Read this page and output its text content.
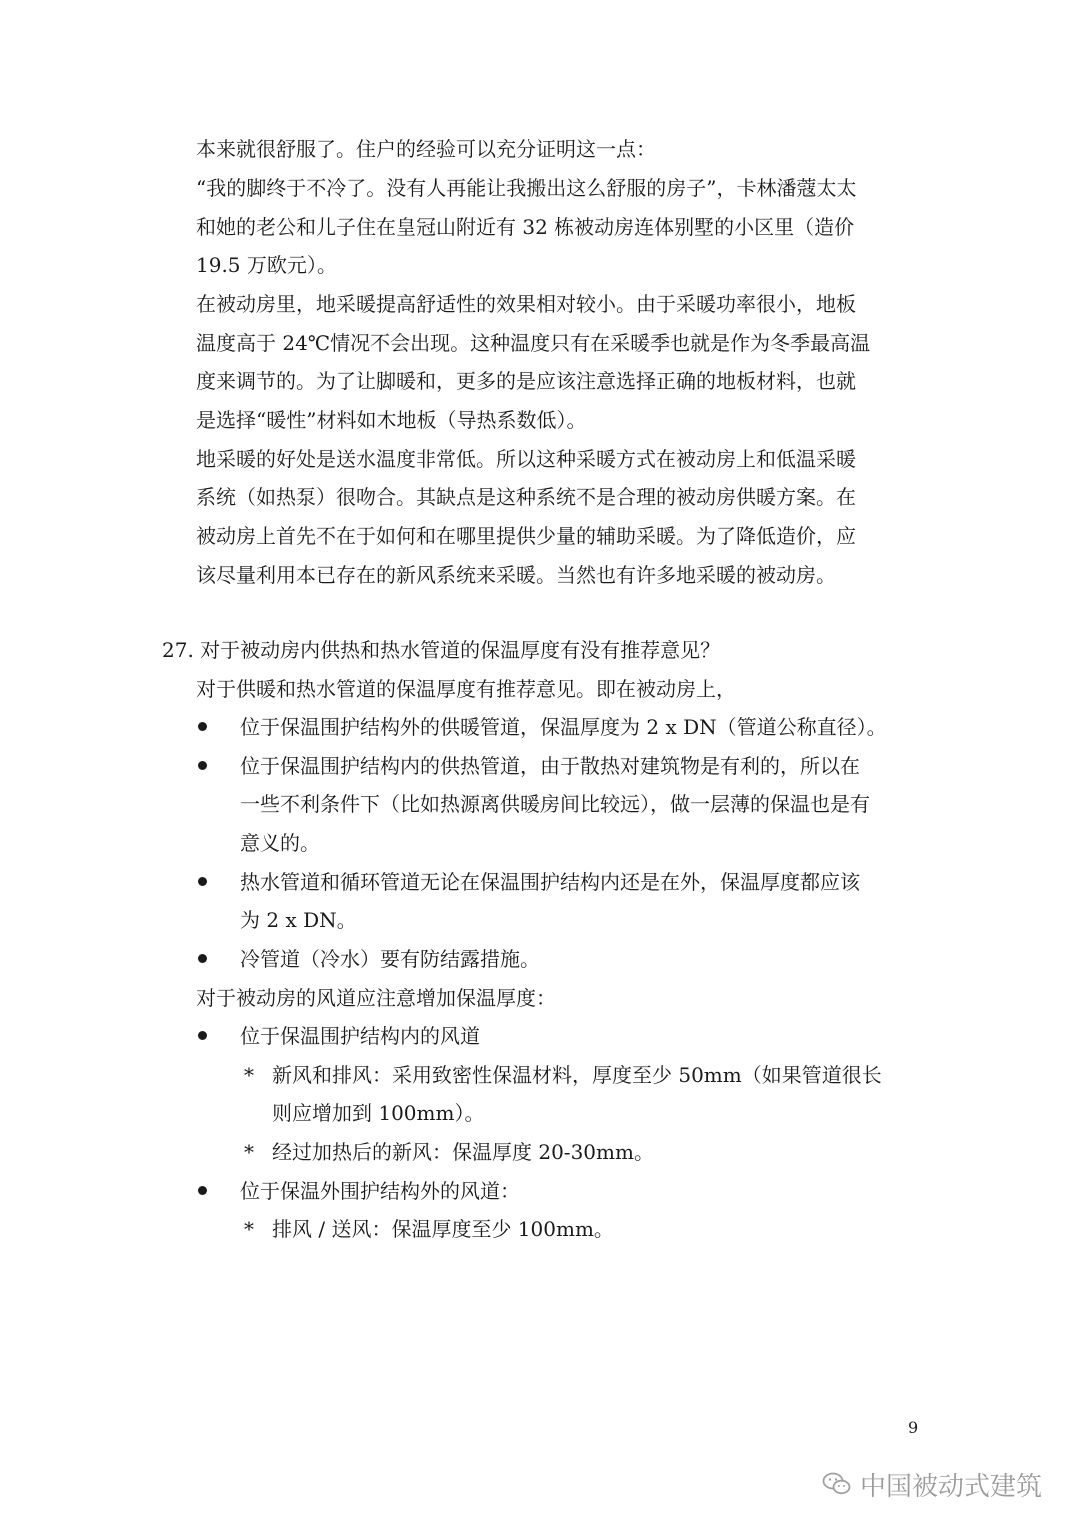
本来就很舒服了。住户的经验可以充分证明这一点：
“我的脚终于不冷了。没有人再能让我搬出这么舒服的房子”，卡林潘蔻太太
和她的老公和儿子住在皇冠山附近有 32 栋被动房连体别墅的小区里（造价
19.5 万欧元）。
在被动房里，地采暖提高舒适性的效果相对较小。由于采暖功率很小，地板
温度高于 24℃情况不会出现。这种温度只有在采暖季也就是作为冬季最高温
度来调节的。为了让脚暖和，更多的是应该注意选择正确的地板材料，也就
是选择“暖性”材料如木地板（导热系数低）。
地采暖的好处是送水温度非常低。所以这种采暖方式在被动房上和低温采暖
系统（如热泵）很吻合。其缺点是这种系统不是合理的被动房供暖方案。在
被动房上首先不在于如何和在哪里提供少量的辅助采暖。为了降低造价，应
该尽量利用本已存在的新风系统来采暖。当然也有许多地采暖的被动房。
27. 对于被动房内供热和热水管道的保温厚度有没有推荐意见？
对于供暖和热水管道的保温厚度有推荐意见。即在被动房上，
位于保温围护结构外的供暖管道，保温厚度为 2 x DN（管道公称直径）。
位于保温围护结构内的供热管道，由于散热对建筑物是有利的，所以在
一些不利条件下（比如热源离供暖房间比较远），做一层薄的保温也是有
意义的。
热水管道和循环管道无论在保温围护结构内还是在外，保温厚度都应该
为 2 x DN。
冷管道（冷水）要有防结露措施。
对于被动房的风道应注意增加保温厚度：
位于保温围护结构内的风道
* 新风和排风：采用致密性保温材料，厚度至少 50mm（如果管道很长
则应增加到 100mm）。
* 经过加热后的新风：保温厚度 20-30mm。
位于保温外围护结构外的风道：
* 排风 / 送风：保温厚度至少 100mm。
9
中国被动式建筑
